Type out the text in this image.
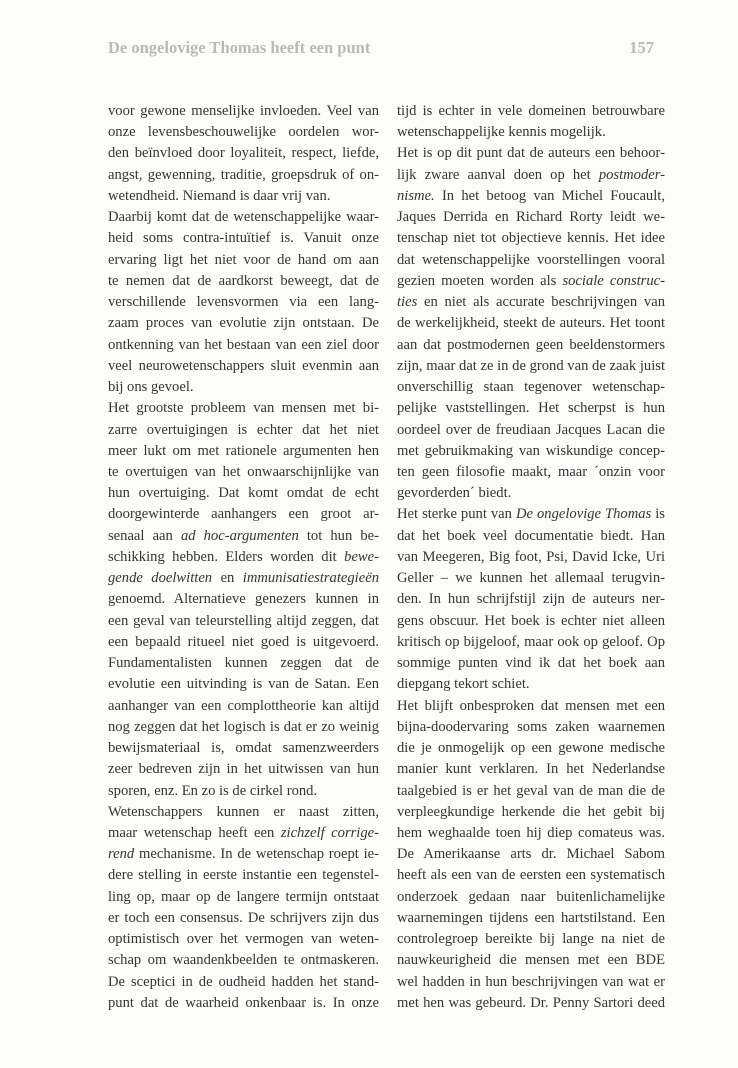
De ongelovige Thomas heeft een punt	157
voor gewone menselijke invloeden. Veel van
onze levensbeschouwelijke oordelen wor-
den beïnvloed door loyaliteit, respect, liefde,
angst, gewenning, traditie, groepsdruk of on-
wetendheid. Niemand is daar vrij van.
Daarbij komt dat de wetenschappelijke waar-
heid soms contra-intuïtief is. Vanuit onze
ervaring ligt het niet voor de hand om aan
te nemen dat de aardkorst beweegt, dat de
verschillende levensvormen via een lang-
zaam proces van evolutie zijn ontstaan. De
ontkenning van het bestaan van een ziel door
veel neurowetenschappers sluit evenmin aan
bij ons gevoel.
Het grootste probleem van mensen met bi-
zarre overtuigingen is echter dat het niet
meer lukt om met rationele argumenten hen
te overtuigen van het onwaarschijnlijke van
hun overtuiging. Dat komt omdat de echt
doorgewinterde aanhangers een groot ar-
senaal aan ad hoc-argumenten tot hun be-
schikking hebben. Elders worden dit bewe-
gende doelwitten en immunisatiestrategieën
genoemd. Alternatieve genezers kunnen in
een geval van teleurstelling altijd zeggen, dat
een bepaald ritueel niet goed is uitgevoerd.
Fundamentalisten kunnen zeggen dat de
evolutie een uitvinding is van de Satan. Een
aanhanger van een complottheorie kan altijd
nog zeggen dat het logisch is dat er zo weinig
bewijsmateriaal is, omdat samenzweerders
zeer bedreven zijn in het uitwissen van hun
sporen, enz. En zo is de cirkel rond.
Wetenschappers kunnen er naast zitten,
maar wetenschap heeft een zichzelf corrige-
rend mechanisme. In de wetenschap roept ie-
dere stelling in eerste instantie een tegenstel-
ling op, maar op de langere termijn ontstaat
er toch een consensus. De schrijvers zijn dus
optimistisch over het vermogen van weten-
schap om waandenkbeelden te ontmaskeren.
De sceptici in de oudheid hadden het stand-
punt dat de waarheid onkenbaar is. In onze
tijd is echter in vele domeinen betrouwbare
wetenschappelijke kennis mogelijk.
Het is op dit punt dat de auteurs een behoor-
lijk zware aanval doen op het postmoder-
nisme. In het betoog van Michel Foucault,
Jaques Derrida en Richard Rorty leidt we-
tenschap niet tot objectieve kennis. Het idee
dat wetenschappelijke voorstellingen vooral
gezien moeten worden als sociale construc-
ties en niet als accurate beschrijvingen van
de werkelijkheid, steekt de auteurs. Het toont
aan dat postmodernen geen beeldenstormers
zijn, maar dat ze in de grond van de zaak juist
onverschillig staan tegenover wetenschap-
pelijke vaststellingen. Het scherpst is hun
oordeel over de freudiaan Jacques Lacan die
met gebruikmaking van wiskundige concep-
ten geen filosofie maakt, maar ´onzin voor
gevorderden´ biedt.
Het sterke punt van De ongelovige Thomas is
dat het boek veel documentatie biedt. Han
van Meegeren, Big foot, Psi, David Icke, Uri
Geller – we kunnen het allemaal terugvin-
den. In hun schrijfstijl zijn de auteurs ner-
gens obscuur. Het boek is echter niet alleen
kritisch op bijgeloof, maar ook op geloof. Op
sommige punten vind ik dat het boek aan
diepgang tekort schiet.
Het blijft onbesproken dat mensen met een
bijna-doodervaring soms zaken waarnemen
die je onmogelijk op een gewone medische
manier kunt verklaren. In het Nederlandse
taalgebied is er het geval van de man die de
verpleegkundige herkende die het gebit bij
hem weghaalde toen hij diep comateus was.
De Amerikaanse arts dr. Michael Sabom
heeft als een van de eersten een systematisch
onderzoek gedaan naar buitenlichamelijke
waarnemingen tijdens een hartstilstand. Een
controlegroep bereikte bij lange na niet de
nauwkeurigheid die mensen met een BDE
wel hadden in hun beschrijvingen van wat er
met hen was gebeurd. Dr. Penny Sartori deed
